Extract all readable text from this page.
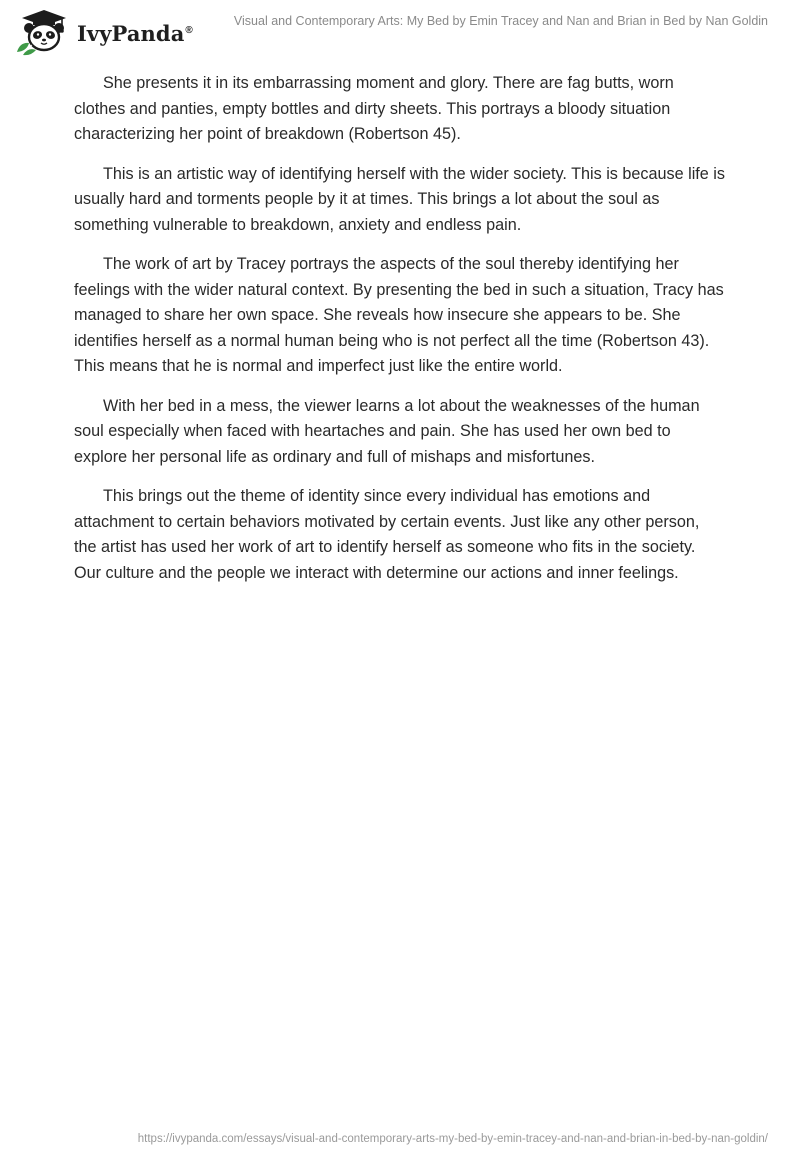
IvyPanda®
Visual and Contemporary Arts: My Bed by Emin Tracey and Nan and Brian in Bed by Nan Goldin

She presents it in its embarrassing moment and glory. There are fag butts, worn clothes and panties, empty bottles and dirty sheets. This portrays a bloody situation characterizing her point of breakdown (Robertson 45).

This is an artistic way of identifying herself with the wider society. This is because life is usually hard and torments people by it at times. This brings a lot about the soul as something vulnerable to breakdown, anxiety and endless pain.

The work of art by Tracey portrays the aspects of the soul thereby identifying her feelings with the wider natural context. By presenting the bed in such a situation, Tracy has managed to share her own space. She reveals how insecure she appears to be. She identifies herself as a normal human being who is not perfect all the time (Robertson 43). This means that he is normal and imperfect just like the entire world.

With her bed in a mess, the viewer learns a lot about the weaknesses of the human soul especially when faced with heartaches and pain. She has used her own bed to explore her personal life as ordinary and full of mishaps and misfortunes.

This brings out the theme of identity since every individual has emotions and attachment to certain behaviors motivated by certain events. Just like any other person, the artist has used her work of art to identify herself as someone who fits in the society. Our culture and the people we interact with determine our actions and inner feelings.

https://ivypanda.com/essays/visual-and-contemporary-arts-my-bed-by-emin-tracey-and-nan-and-brian-in-bed-by-nan-goldin/
